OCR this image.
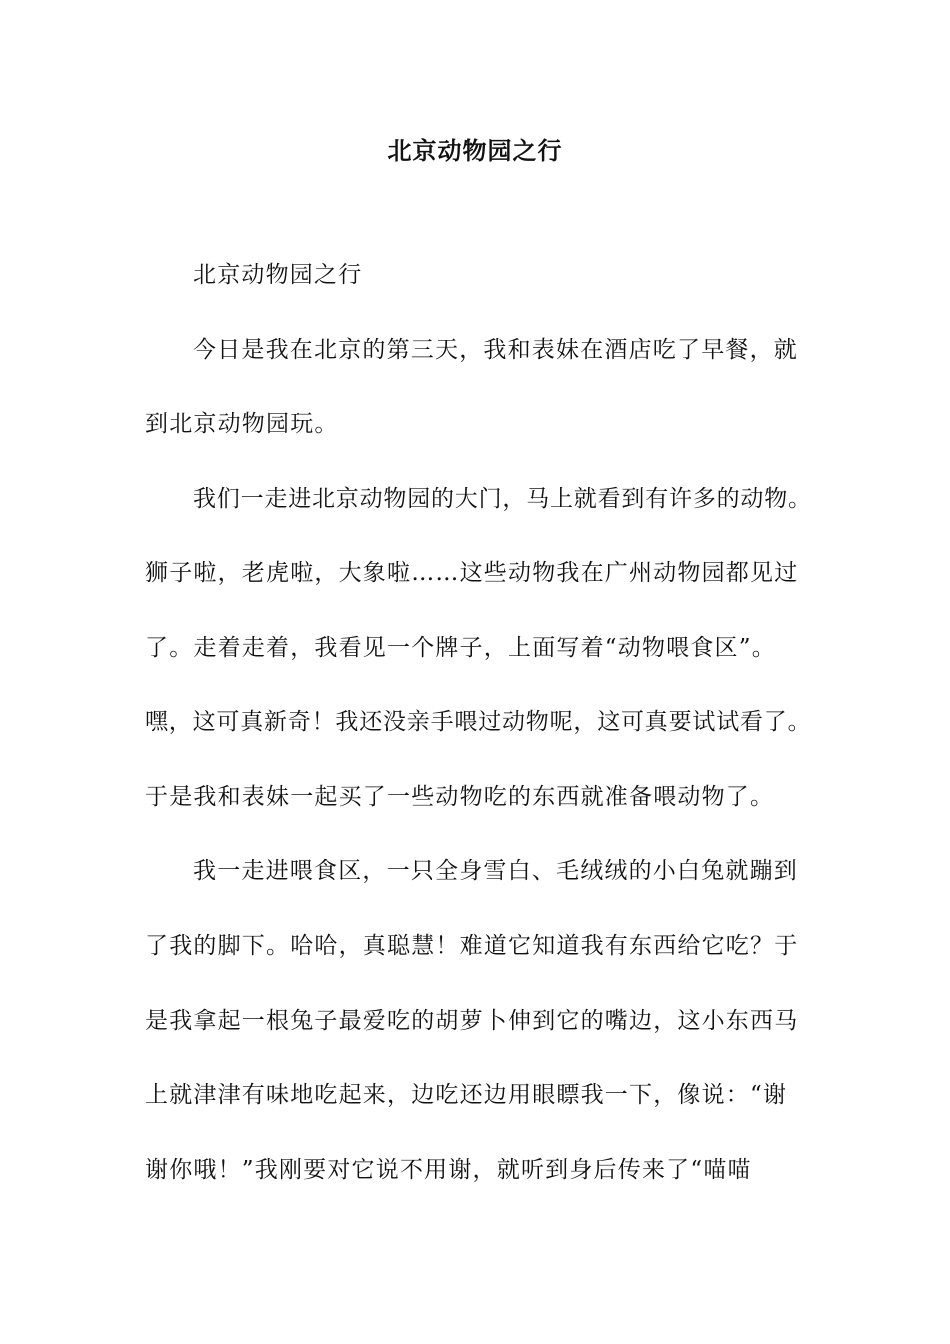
北京动物园之行
北京动物园之行
今日是我在北京的第三天，我和表妹在酒店吃了早餐，就
到北京动物园玩。
我们一走进北京动物园的大门，马上就看到有许多的动物。
狮子啦，老虎啦，大象啦……这些动物我在广州动物园都见过
了。走着走着，我看见一个牌子，上面写着“动物喂食区”。
嘿，这可真新奇！我还没亲手喂过动物呢，这可真要试试看了。
于是我和表妹一起买了一些动物吃的东西就准备喂动物了。
我一走进喂食区，一只全身雪白、毛绒绒的小白兔就蹦到
了我的脚下。哈哈，真聪慧！难道它知道我有东西给它吃？于
是我拿起一根兔子最爱吃的胡萝卜伸到它的嘴边，这小东西马
上就津津有味地吃起来，边吃还边用眼瞟我一下，像说：“谢
谢你哦！”我刚要对它说不用谢，就听到身后传来了“喵喵
